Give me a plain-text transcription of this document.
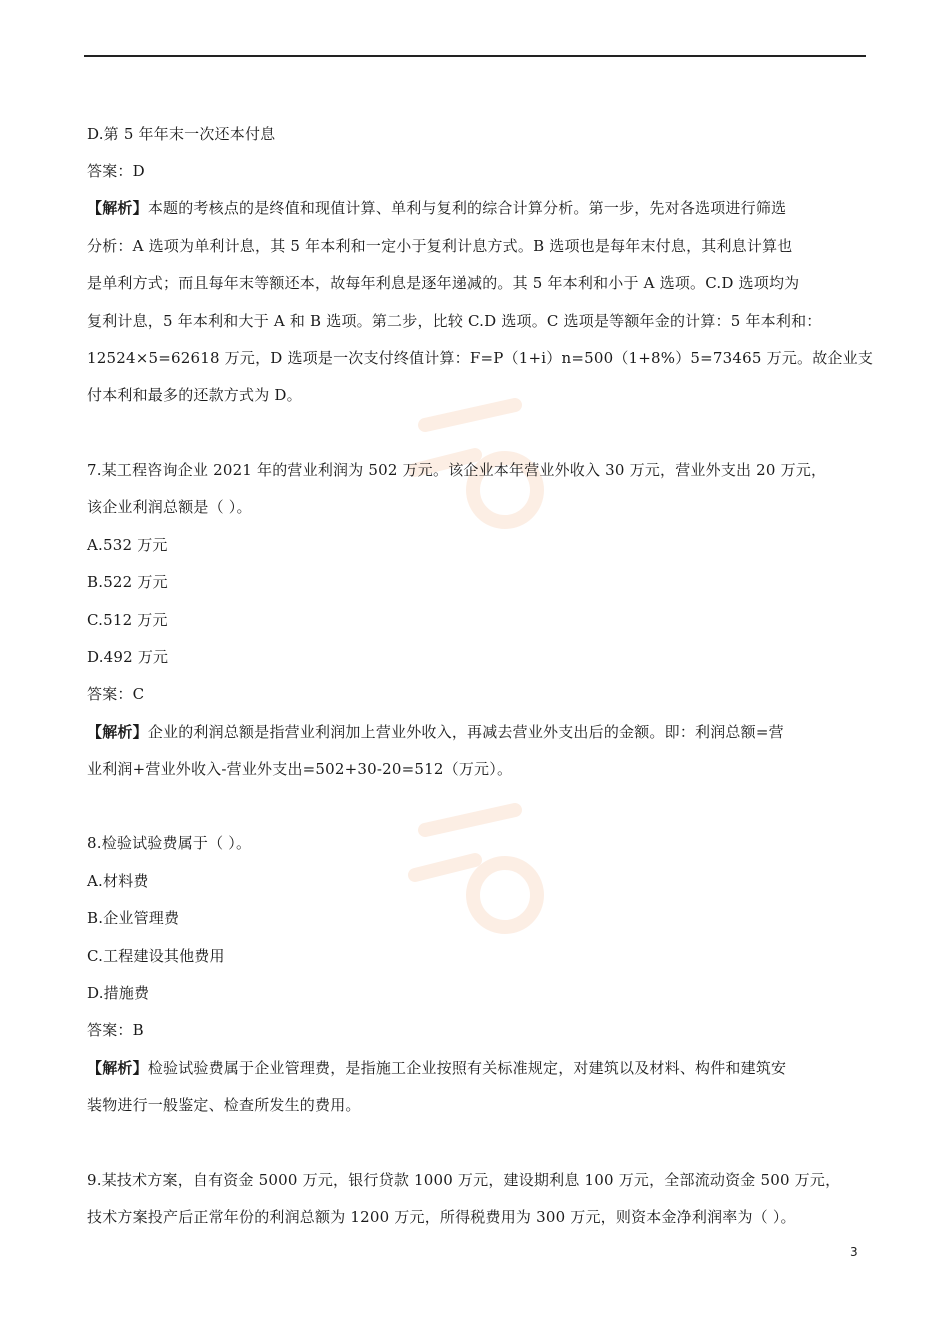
D.第 5 年年末一次还本付息
答案：D
【解析】本题的考核点的是终值和现值计算、单利与复利的综合计算分析。第一步，先对各选项进行筛选
分析：A 选项为单利计息，其 5 年本利和一定小于复利计息方式。B 选项也是每年末付息，其利息计算也
是单利方式；而且每年末等额还本，故每年利息是逐年递减的。其 5 年本利和小于 A 选项。C.D 选项均为
复利计息，5 年本利和大于 A 和 B 选项。第二步，比较 C.D 选项。C 选项是等额年金的计算：5 年本利和：
12524×5=62618 万元，D 选项是一次支付终值计算：F=P（1+i）n=500（1+8%）5=73465 万元。故企业支
付本利和最多的还款方式为 D。
7.某工程咨询企业 2021 年的营业利润为 502 万元。该企业本年营业外收入 30 万元，营业外支出 20 万元，
该企业利润总额是（ ）。
A.532 万元
B.522 万元
C.512 万元
D.492 万元
答案：C
【解析】企业的利润总额是指营业利润加上营业外收入，再减去营业外支出后的金额。即：利润总额=营
业利润+营业外收入-营业外支出=502+30-20=512（万元）。
8.检验试验费属于（ ）。
A.材料费
B.企业管理费
C.工程建设其他费用
D.措施费
答案：B
【解析】检验试验费属于企业管理费，是指施工企业按照有关标准规定，对建筑以及材料、构件和建筑安
装物进行一般鉴定、检查所发生的费用。
9.某技术方案，自有资金 5000 万元，银行贷款 1000 万元，建设期利息 100 万元，全部流动资金 500 万元，
技术方案投产后正常年份的利润总额为 1200 万元，所得税费用为 300 万元，则资本金净利润率为（ ）。
3
